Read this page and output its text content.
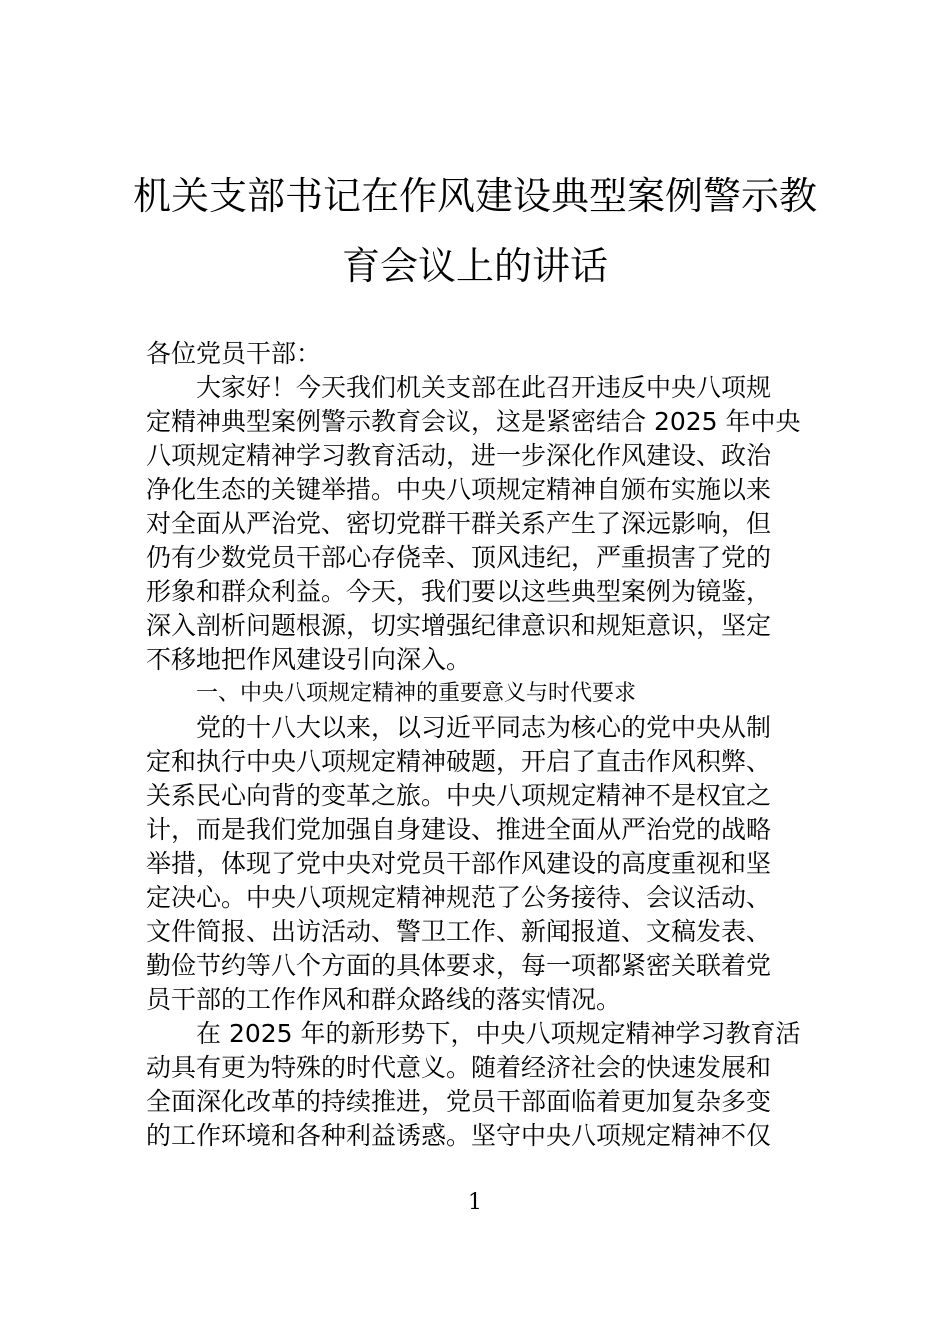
机关支部书记在作风建设典型案例警示教
育会议上的讲话
各位党员干部：
大家好！今天我们机关支部在此召开违反中央八项规
定精神典型案例警示教育会议，这是紧密结合 2025 年中央
八项规定精神学习教育活动，进一步深化作风建设、政治
净化生态的关键举措。中央八项规定精神自颁布实施以来
对全面从严治党、密切党群干群关系产生了深远影响，但
仍有少数党员干部心存侥幸、顶风违纪，严重损害了党的
形象和群众利益。今天，我们要以这些典型案例为镜鉴，
深入剖析问题根源，切实增强纪律意识和规矩意识，坚定
不移地把作风建设引向深入。
一、中央八项规定精神的重要意义与时代要求
党的十八大以来，以习近平同志为核心的党中央从制
定和执行中央八项规定精神破题，开启了直击作风积弊、
关系民心向背的变革之旅。中央八项规定精神不是权宜之
计，而是我们党加强自身建设、推进全面从严治党的战略
举措，体现了党中央对党员干部作风建设的高度重视和坚
定决心。中央八项规定精神规范了公务接待、会议活动、
文件简报、出访活动、警卫工作、新闻报道、文稿发表、
勤俭节约等八个方面的具体要求，每一项都紧密关联着党
员干部的工作作风和群众路线的落实情况。
在 2025 年的新形势下，中央八项规定精神学习教育活
动具有更为特殊的时代意义。随着经济社会的快速发展和
全面深化改革的持续推进，党员干部面临着更加复杂多变
的工作环境和各种利益诱惑。坚守中央八项规定精神不仅
1
